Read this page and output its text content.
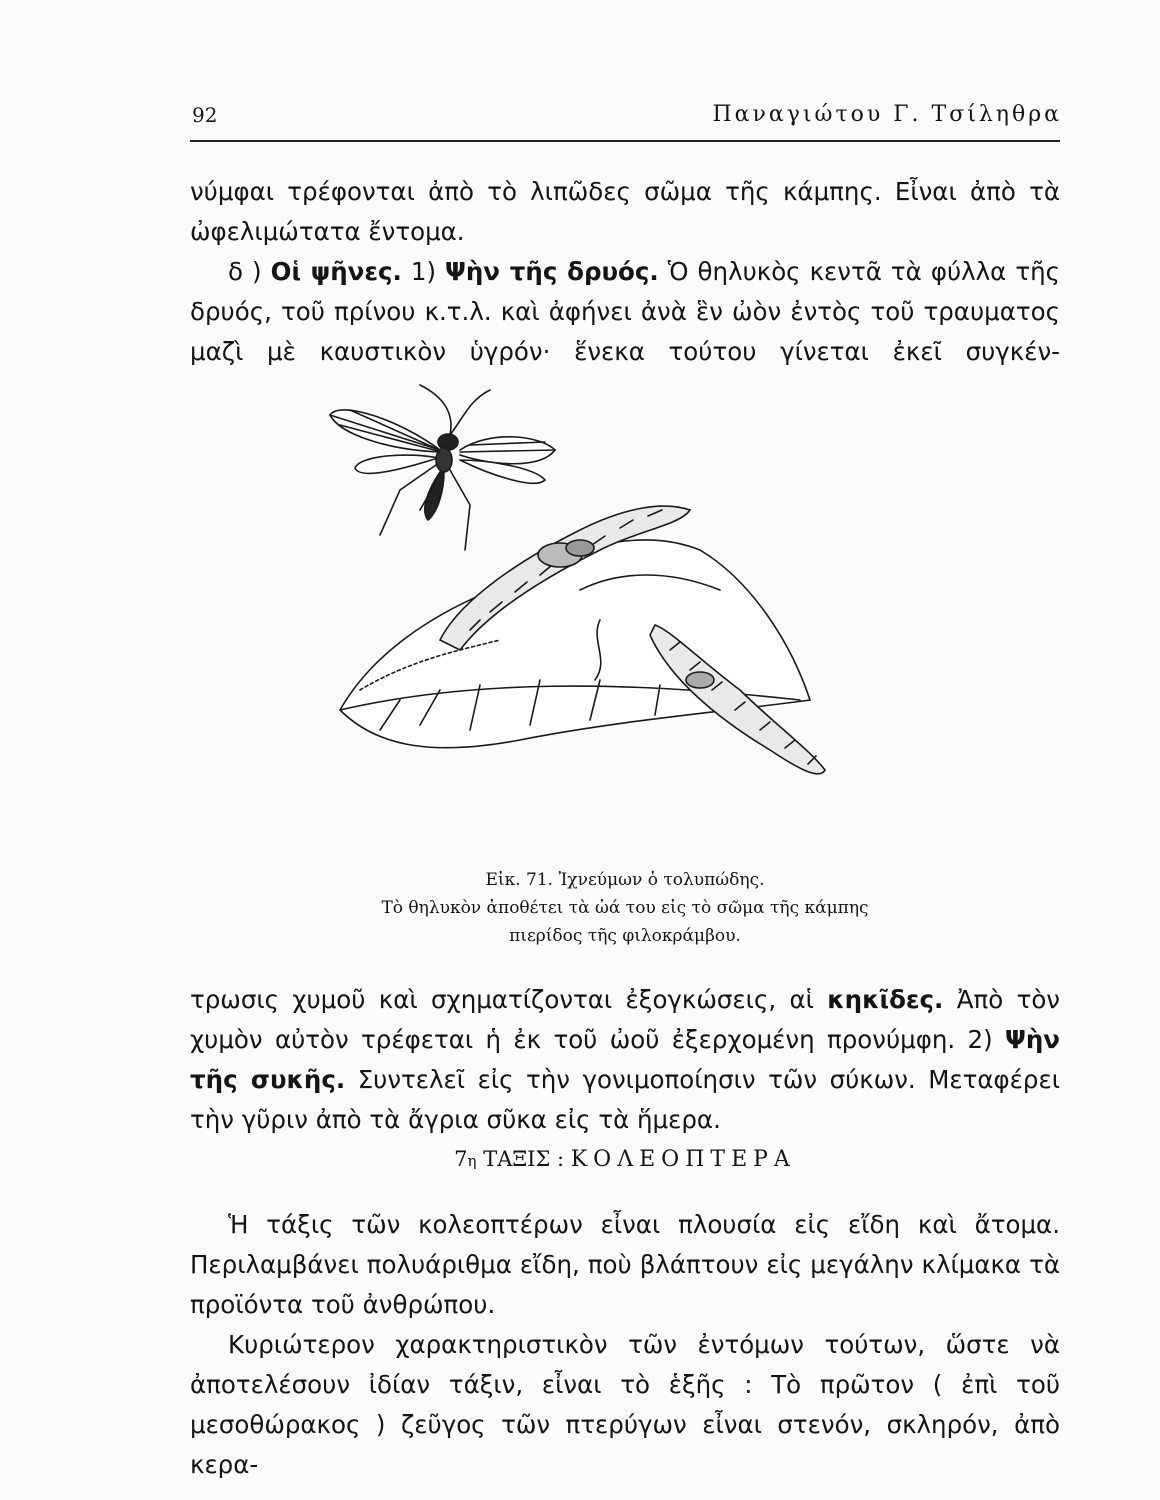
92	Παναγιώτου Γ. Τσίληθρα

νύμφαι τρέφονται ἀπὸ τὸ λιπῶδες σῶμα τῆς κάμπης. Εἶναι ἀπὸ τὰ ὠφελιμώτατα ἔντομα.

δ ) Οἱ ψῆνες. 1) Ψὴν τῆς δρυός. Ὁ θηλυκὸς κεντᾶ τὰ φύλλα τῆς δρυός, τοῦ πρίνου κ.τ.λ. καὶ ἀφήνει ἀνὰ ἓν ὠὸν ἐντὸς τοῦ τραυματος μαζὶ μὲ καυστικὸν ὑγρόν· ἕνεκα τούτου γίνεται ἐκεῖ συγκέν-

Εἰκ. 71. Ἰχνεύμων ὁ τολυπώδης.
Τὸ θηλυκὸν ἀποθέτει τὰ ὠά του εἰς τὸ σῶμα τῆς κάμπης
πιερίδος τῆς φιλοκράμβου.

τρωσις χυμοῦ καὶ σχηματίζονται ἐξογκώσεις, αἱ κηκῖδες. Ἀπὸ τὸν χυμὸν αὐτὸν τρέφεται ἡ ἐκ τοῦ ὠοῦ ἐξερχομένη προνύμφη. 2) Ψὴν τῆς συκῆς. Συντελεῖ εἰς τὴν γονιμοποίησιν τῶν σύκων. Μεταφέρει τὴν γῦριν ἀπὸ τὰ ἄγρια σῦκα εἰς τὰ ἥμερα.

7η ΤΑΞΙΣ : ΚΟΛΕΟΠΤΕΡΑ

Ἡ τάξις τῶν κολεοπτέρων εἶναι πλουσία εἰς εἴδη καὶ ἄτομα. Περιλαμβάνει πολυάριθμα εἴδη, ποὺ βλάπτουν εἰς μεγάλην κλίμακα τὰ προϊόντα τοῦ ἀνθρώπου.

Κυριώτερον χαρακτηριστικὸν τῶν ἐντόμων τούτων, ὥστε νὰ ἀποτελέσουν ἰδίαν τάξιν, εἶναι τὸ ἑξῆς : Τὸ πρῶτον ( ἐπὶ τοῦ μεσοθώρακος ) ζεῦγος τῶν πτερύγων εἶναι στενόν, σκληρόν, ἀπὸ κερα-
